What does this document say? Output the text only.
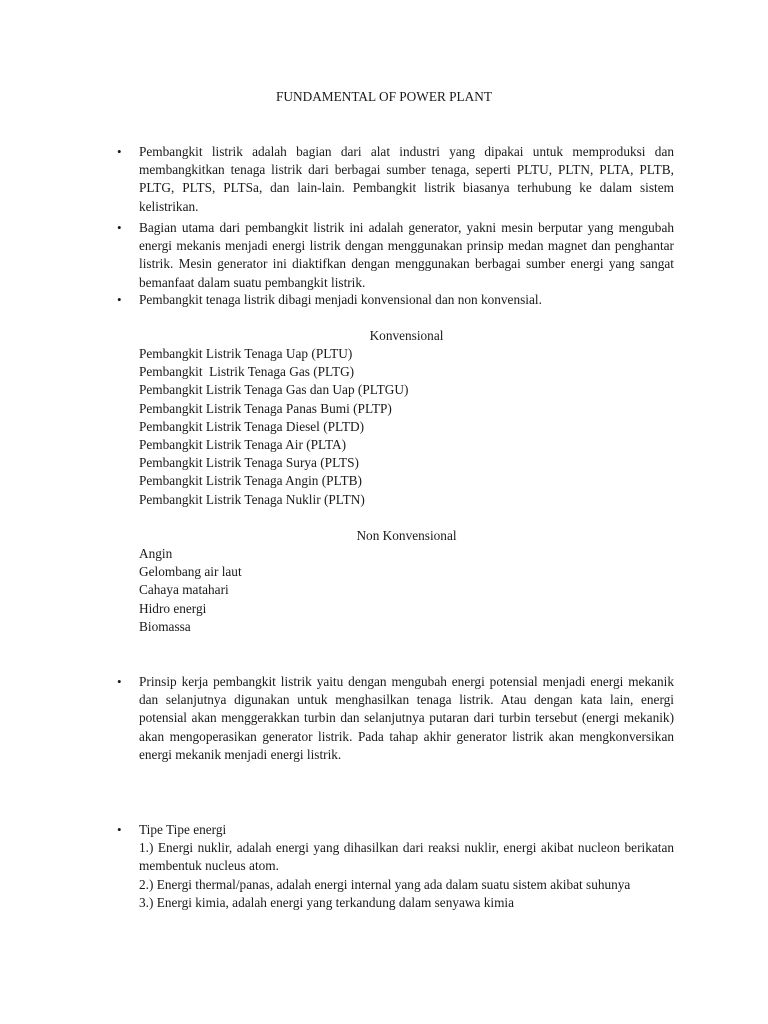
FUNDAMENTAL OF POWER PLANT
• Pembangkit listrik adalah bagian dari alat industri yang dipakai untuk memproduksi dan membangkitkan tenaga listrik dari berbagai sumber tenaga, seperti PLTU, PLTN, PLTA, PLTB, PLTG, PLTS, PLTSa, dan lain-lain. Pembangkit listrik biasanya terhubung ke dalam sistem kelistrikan.

• Bagian utama dari pembangkit listrik ini adalah generator, yakni mesin berputar yang mengubah energi mekanis menjadi energi listrik dengan menggunakan prinsip medan magnet dan penghantar listrik. Mesin generator ini diaktifkan dengan menggunakan berbagai sumber energi yang sangat bemanfaat dalam suatu pembangkit listrik.

• Pembangkit tenaga listrik dibagi menjadi konvensional dan non konvensial.

Konvensional
Pembangkit Listrik Tenaga Uap (PLTU)
Pembangkit  Listrik Tenaga Gas (PLTG)
Pembangkit Listrik Tenaga Gas dan Uap (PLTGU)
Pembangkit Listrik Tenaga Panas Bumi (PLTP)
Pembangkit Listrik Tenaga Diesel (PLTD)
Pembangkit Listrik Tenaga Air (PLTA)
Pembangkit Listrik Tenaga Surya (PLTS)
Pembangkit Listrik Tenaga Angin (PLTB)
Pembangkit Listrik Tenaga Nuklir (PLTN)
Non Konvensional
Angin
Gelombang air laut
Cahaya matahari
Hidro energi
Biomassa
• Prinsip kerja pembangkit listrik yaitu dengan mengubah energi potensial menjadi energi mekanik dan selanjutnya digunakan untuk menghasilkan tenaga listrik. Atau dengan kata lain, energi potensial akan menggerakkan turbin dan selanjutnya putaran dari turbin tersebut (energi mekanik) akan mengoperasikan generator listrik. Pada tahap akhir generator listrik akan mengkonversikan energi mekanik menjadi energi listrik.

• Tipe Tipe energi

1.) Energi nuklir, adalah energi yang dihasilkan dari reaksi nuklir, energi akibat nucleon berikatan membentuk nucleus atom.

2.) Energi thermal/panas, adalah energi internal yang ada dalam suatu sistem akibat suhunya

3.) Energi kimia, adalah energi yang terkandung dalam senyawa kimia
